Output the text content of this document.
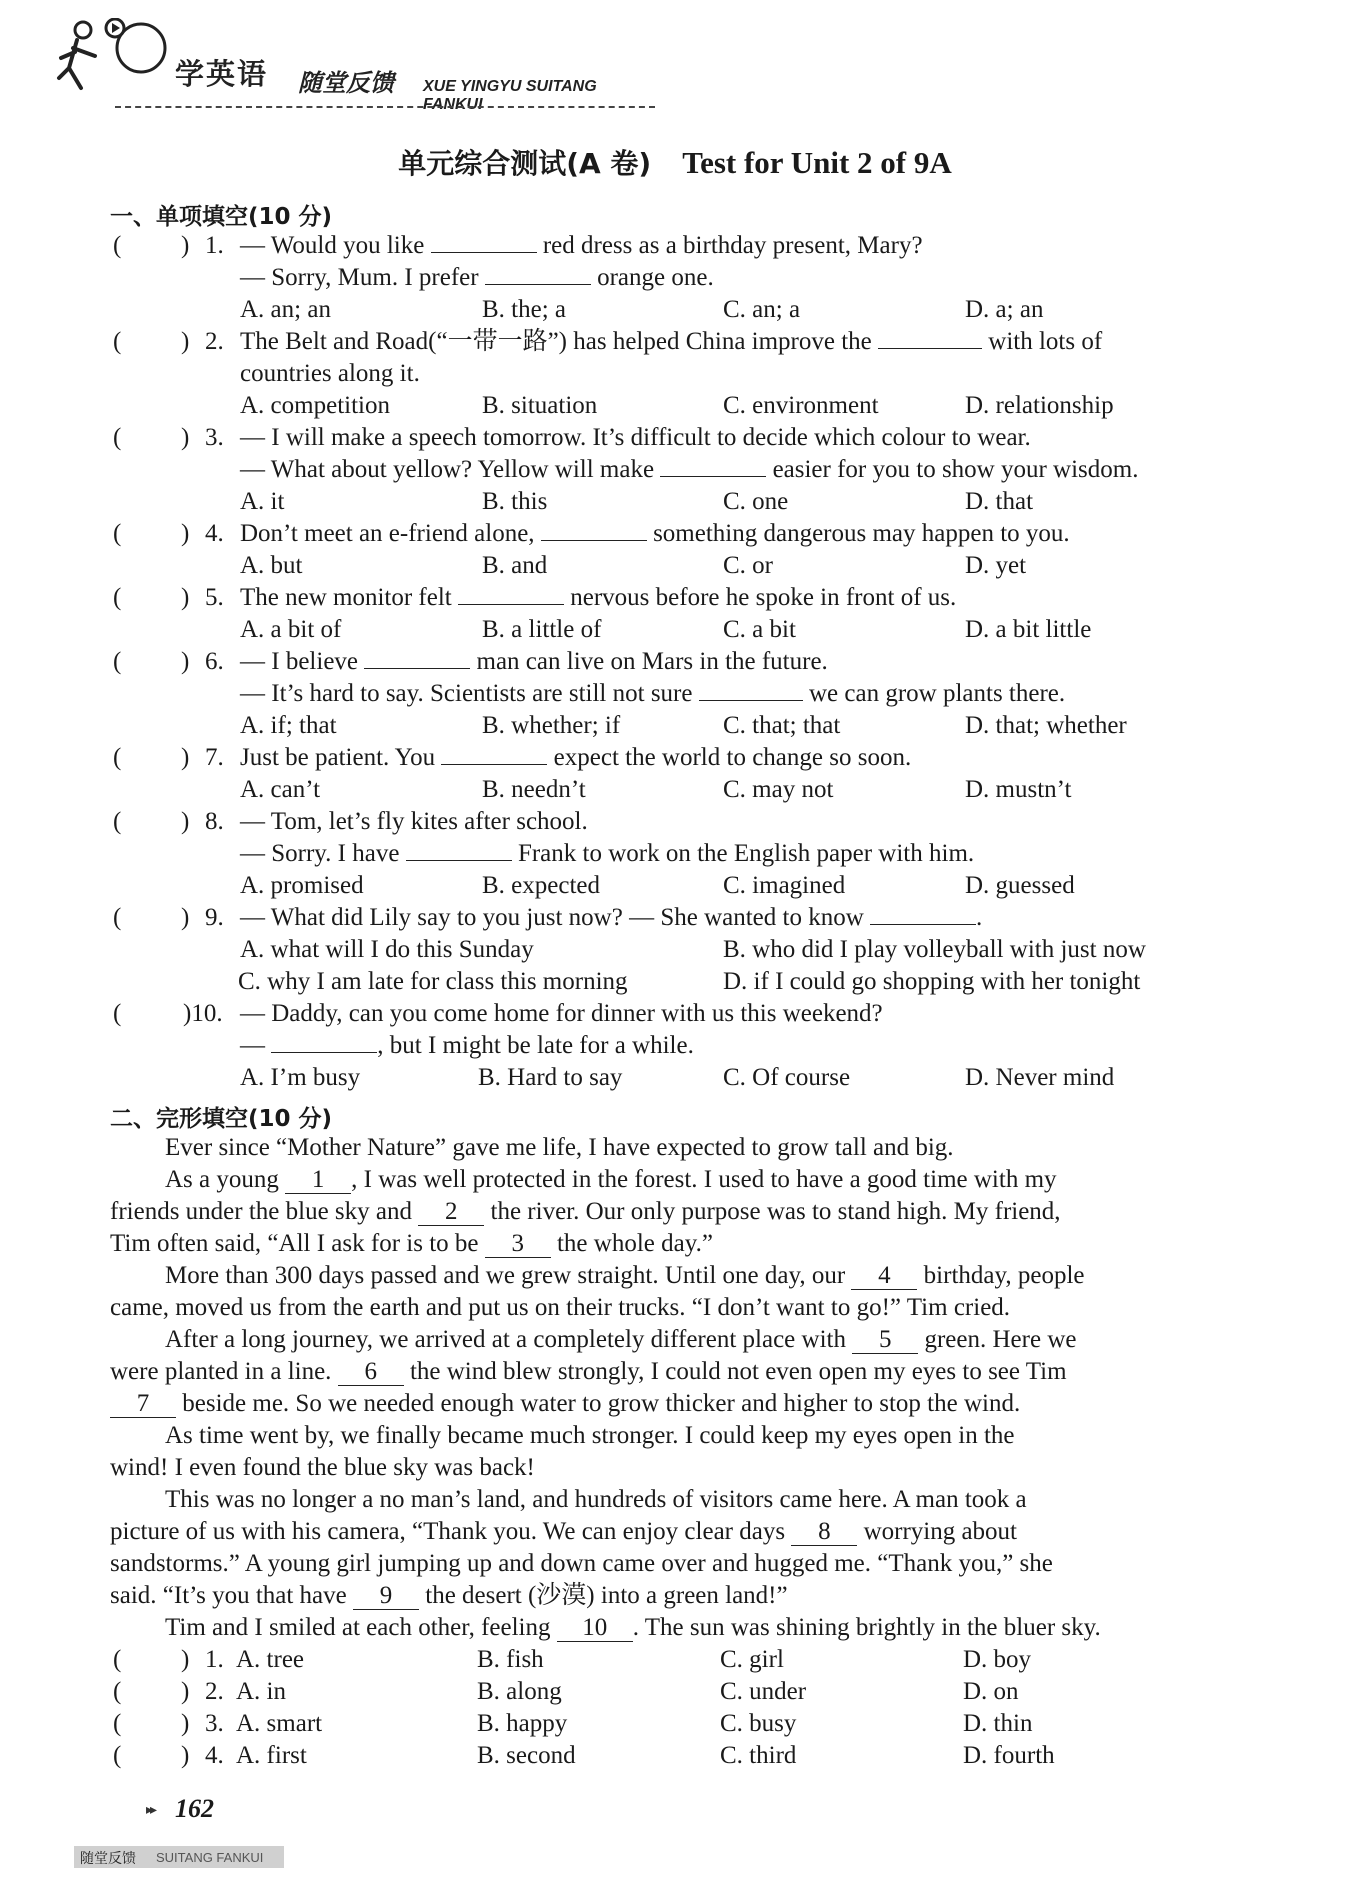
学英语 随堂反馈 XUE YINGYU SUITANG FANKUI
单元综合测试(A 卷) Test for Unit 2 of 9A
一、单项填空(10 分)
( ) 1. — Would you like	red dress as a birthday present, Mary?
— Sorry, Mum. I prefer	orange one.
A. an; an	B. the; a	C. an; a	D. a; an
( ) 2. The Belt and Road(“一带一路”) has helped China improve the	with lots of
countries along it.
A. competition	B. situation	C. environment	D. relationship
( ) 3. — I will make a speech tomorrow. It’s difficult to decide which colour to wear.
— What about yellow? Yellow will make	easier for you to show your wisdom.
A. it	B. this	C. one	D. that
( ) 4. Don’t meet an e-friend alone,	something dangerous may happen to you.
A. but	B. and	C. or	D. yet
( ) 5. The new monitor felt	nervous before he spoke in front of us.
A. a bit of	B. a little of	C. a bit	D. a bit little
( ) 6. — I believe	man can live on Mars in the future.
— It’s hard to say. Scientists are still not sure	we can grow plants there.
A. if; that	B. whether; if	C. that; that	D. that; whether
( ) 7. Just be patient. You	expect the world to change so soon.
A. can’t	B. needn’t	C. may not	D. mustn’t
( ) 8. — Tom, let’s fly kites after school.
— Sorry. I have	Frank to work on the English paper with him.
A. promised	B. expected	C. imagined	D. guessed
( ) 9. — What did Lily say to you just now? — She wanted to know	.
A. what will I do this Sunday	B. who did I play volleyball with just now
C. why I am late for class this morning	D. if I could go shopping with her tonight
( )10. — Daddy, can you come home for dinner with us this weekend?
—	, but I might be late for a while.
A. I’m busy	B. Hard to say	C. Of course	D. Never mind
二、完形填空(10 分)
Ever since “Mother Nature” gave me life, I have expected to grow tall and big.
As a young 1 , I was well protected in the forest. I used to have a good time with my
friends under the blue sky and 2 the river. Our only purpose was to stand high. My friend,
Tim often said, “All I ask for is to be 3 the whole day.”
More than 300 days passed and we grew straight. Until one day, our 4 birthday, people
came, moved us from the earth and put us on their trucks. “I don’t want to go!” Tim cried.
After a long journey, we arrived at a completely different place with 5 green. Here we
were planted in a line. 6 the wind blew strongly, I could not even open my eyes to see Tim
7 beside me. So we needed enough water to grow thicker and higher to stop the wind.
As time went by, we finally became much stronger. I could keep my eyes open in the
wind! I even found the blue sky was back!
This was no longer a no man’s land, and hundreds of visitors came here. A man took a
picture of us with his camera, “Thank you. We can enjoy clear days 8 worrying about
sandstorms.” A young girl jumping up and down came over and hugged me. “Thank you,” she
said. “It’s you that have 9 the desert (沙漠) into a green land!”
Tim and I smiled at each other, feeling 10 . The sun was shining brightly in the bluer sky.
( ) 1. A. tree	B. fish	C. girl	D. boy
( ) 2. A. in	B. along	C. under	D. on
( ) 3. A. smart	B. happy	C. busy	D. thin
( ) 4. A. first	B. second	C. third	D. fourth
▸▸ 162
随堂反馈 SUITANG FANKUI
